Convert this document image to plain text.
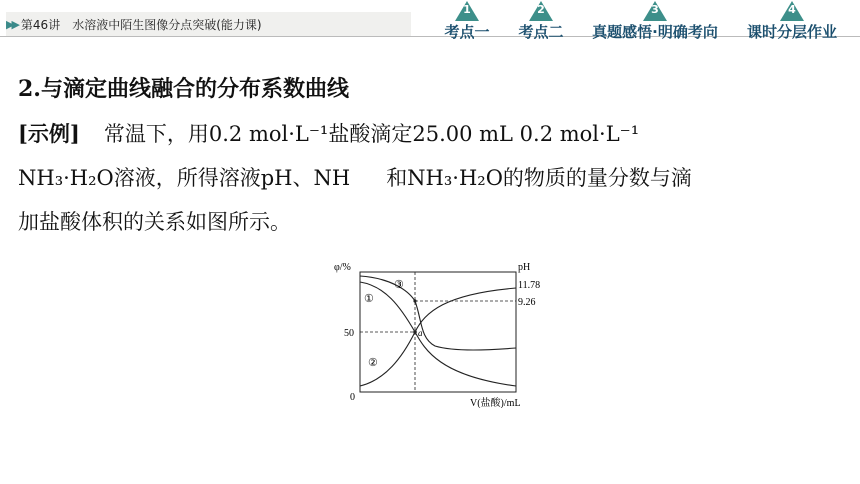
▶▶ 第46讲 水溶液中陌生图像分点突破(能力课)
1
考点一
2
考点二
3
真题感悟·明确考向
4
课时分层作业
2.与滴定曲线融合的分布系数曲线
[示例] 常温下，用0.2 mol·L⁻¹盐酸滴定25.00 mL 0.2 mol·L⁻¹
NH₃·H₂O溶液，所得溶液pH、NH 和NH₃·H₂O的物质的量分数与滴
加盐酸体积的关系如图所示。
φ/%	pH
11.78
9.26
50
0
a
①
②
③
V(盐酸)/mL
